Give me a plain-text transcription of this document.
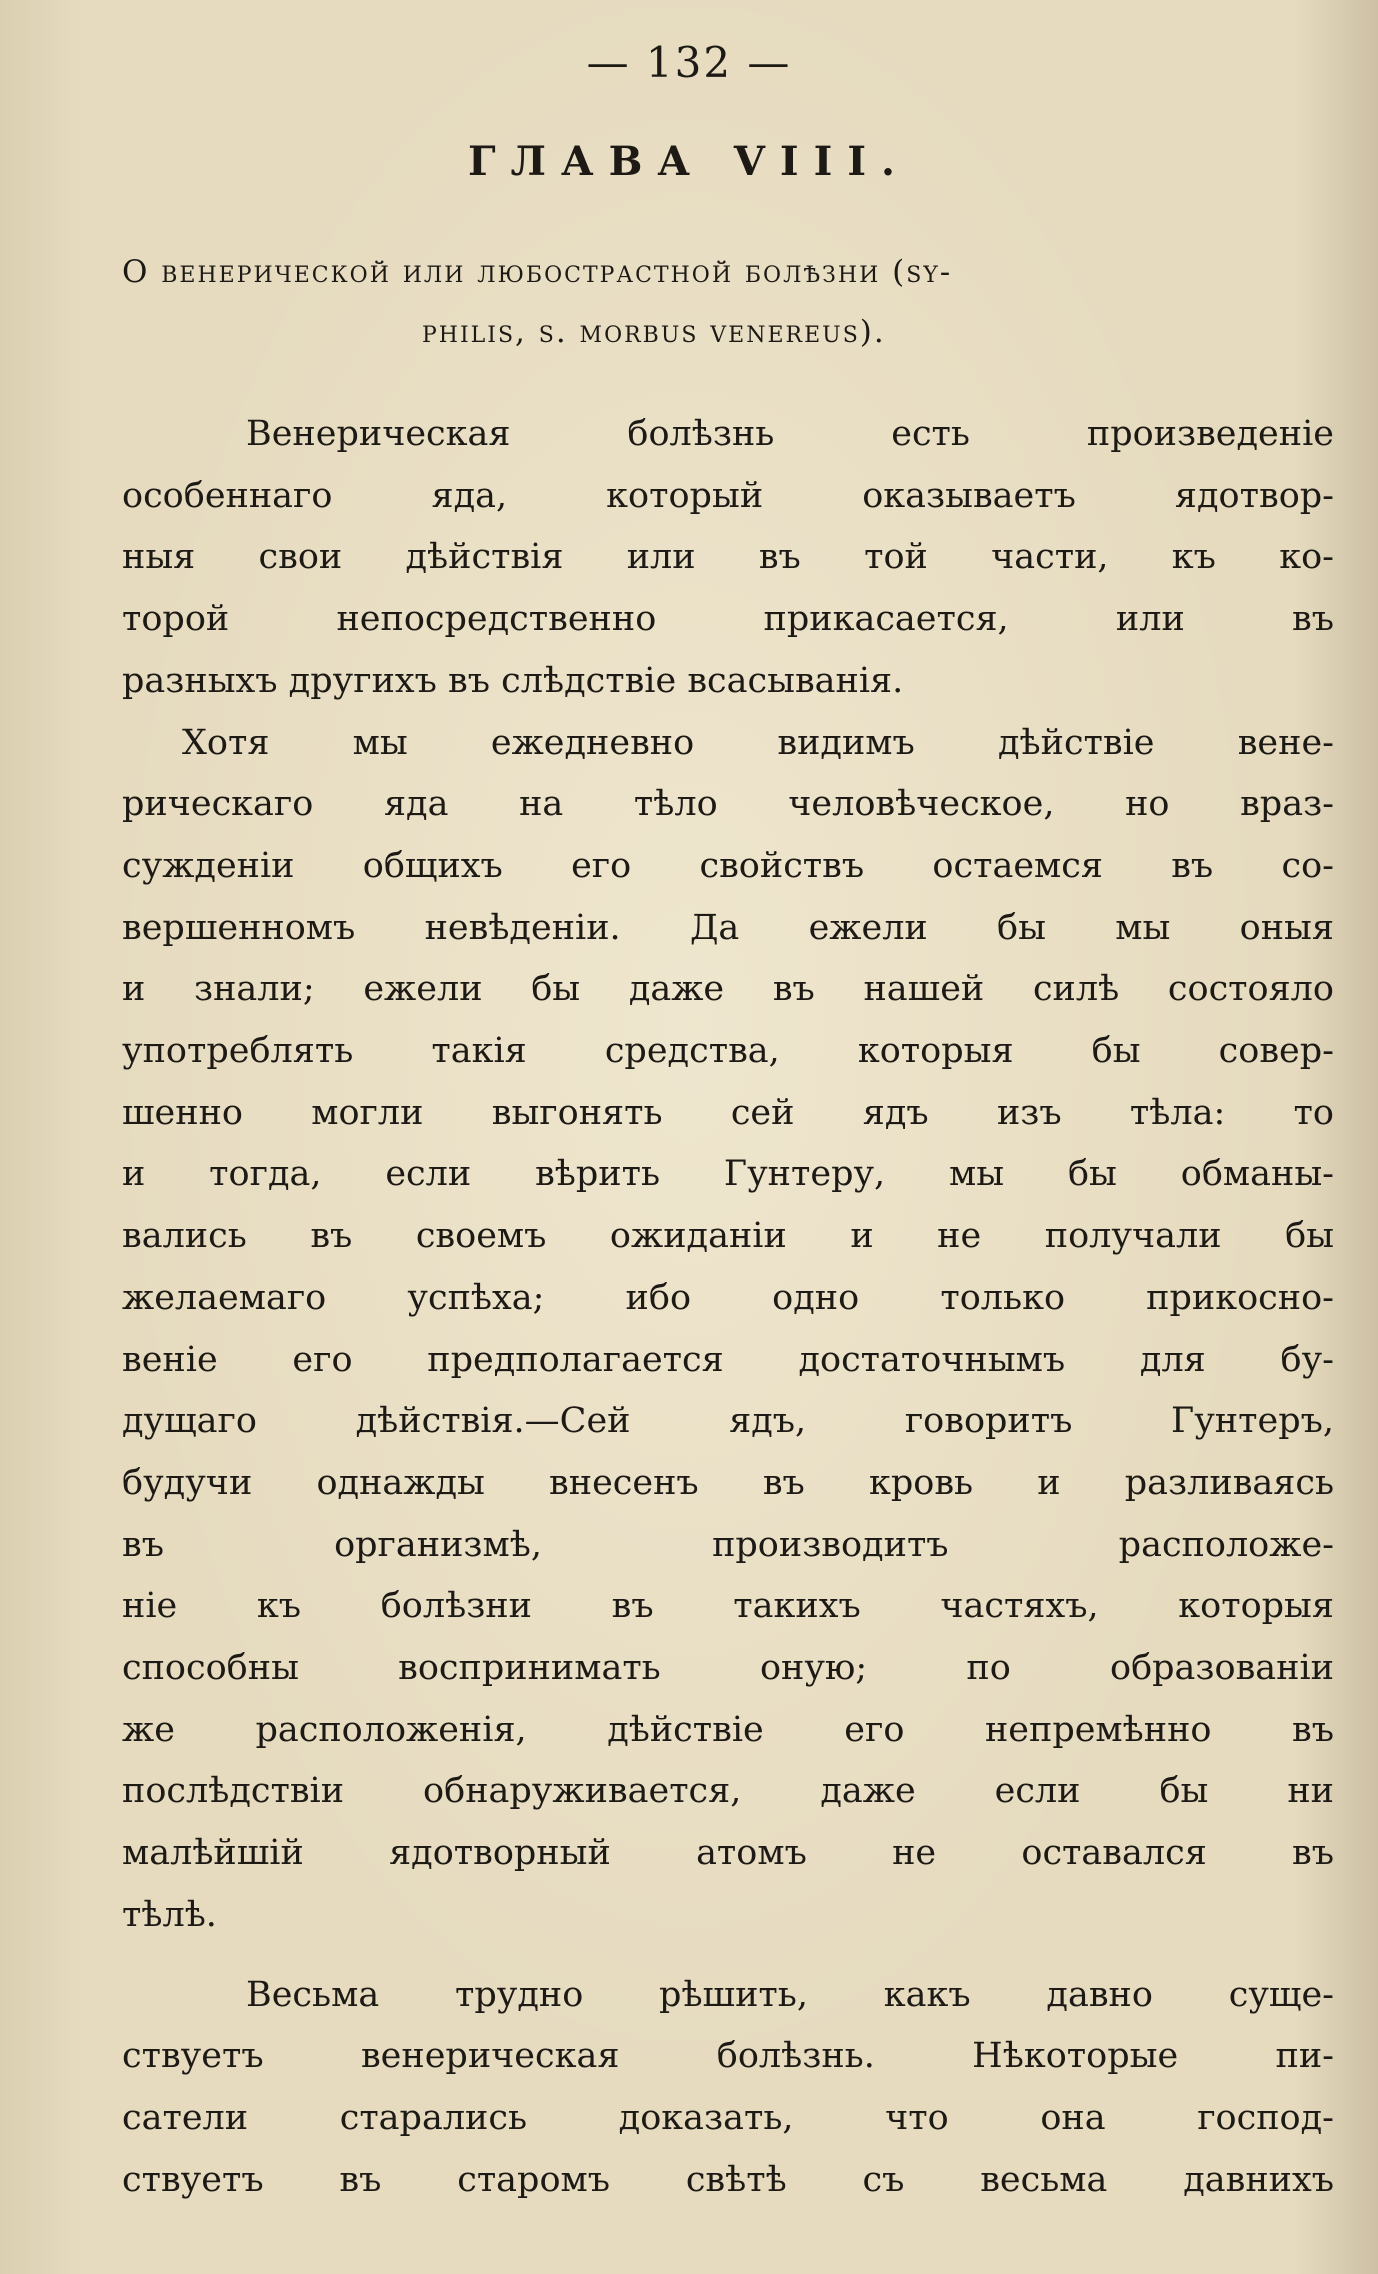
— 132 —
ГЛАВА VIII.
О венерической или любострастной болѣзни (sy-
philis, s. morbus venereus).
Венерическая болѣзнь есть произведеніе
особеннаго яда, который оказываетъ ядотвор-
ныя свои дѣйствія или въ той части, къ ко-
торой непосредственно прикасается, или въ
разныхъ другихъ въ слѣдствіе всасыванія.
Хотя мы ежедневно видимъ дѣйствіе вене-
рическаго яда на тѣло человѣческое, но враз-
сужденіи общихъ его свойствъ остаемся въ со-
вершенномъ невѣденіи. Да ежели бы мы оныя
и знали; ежели бы даже въ нашей силѣ состояло
употреблять такія средства, которыя бы совер-
шенно могли выгонять сей ядъ изъ тѣла: то
и тогда, если вѣрить Гунтеру, мы бы обманы-
вались въ своемъ ожиданіи и не получали бы
желаемаго успѣха; ибо одно только прикосно-
веніе его предполагается достаточнымъ для бу-
дущаго дѣйствія.—Сей ядъ, говоритъ Гунтеръ,
будучи однажды внесенъ въ кровь и разливаясь
въ организмѣ, производитъ расположе-
ніе къ болѣзни въ такихъ частяхъ, которыя
способны воспринимать оную; по образованіи
же расположенія, дѣйствіе его непремѣнно въ
послѣдствіи обнаруживается, даже если бы ни
малѣйшій ядотворный атомъ не оставался въ
тѣлѣ.
Весьма трудно рѣшить, какъ давно суще-
ствуетъ венерическая болѣзнь. Нѣкоторые пи-
сатели старались доказать, что она господ-
ствуетъ въ старомъ свѣтѣ съ весьма давнихъ
